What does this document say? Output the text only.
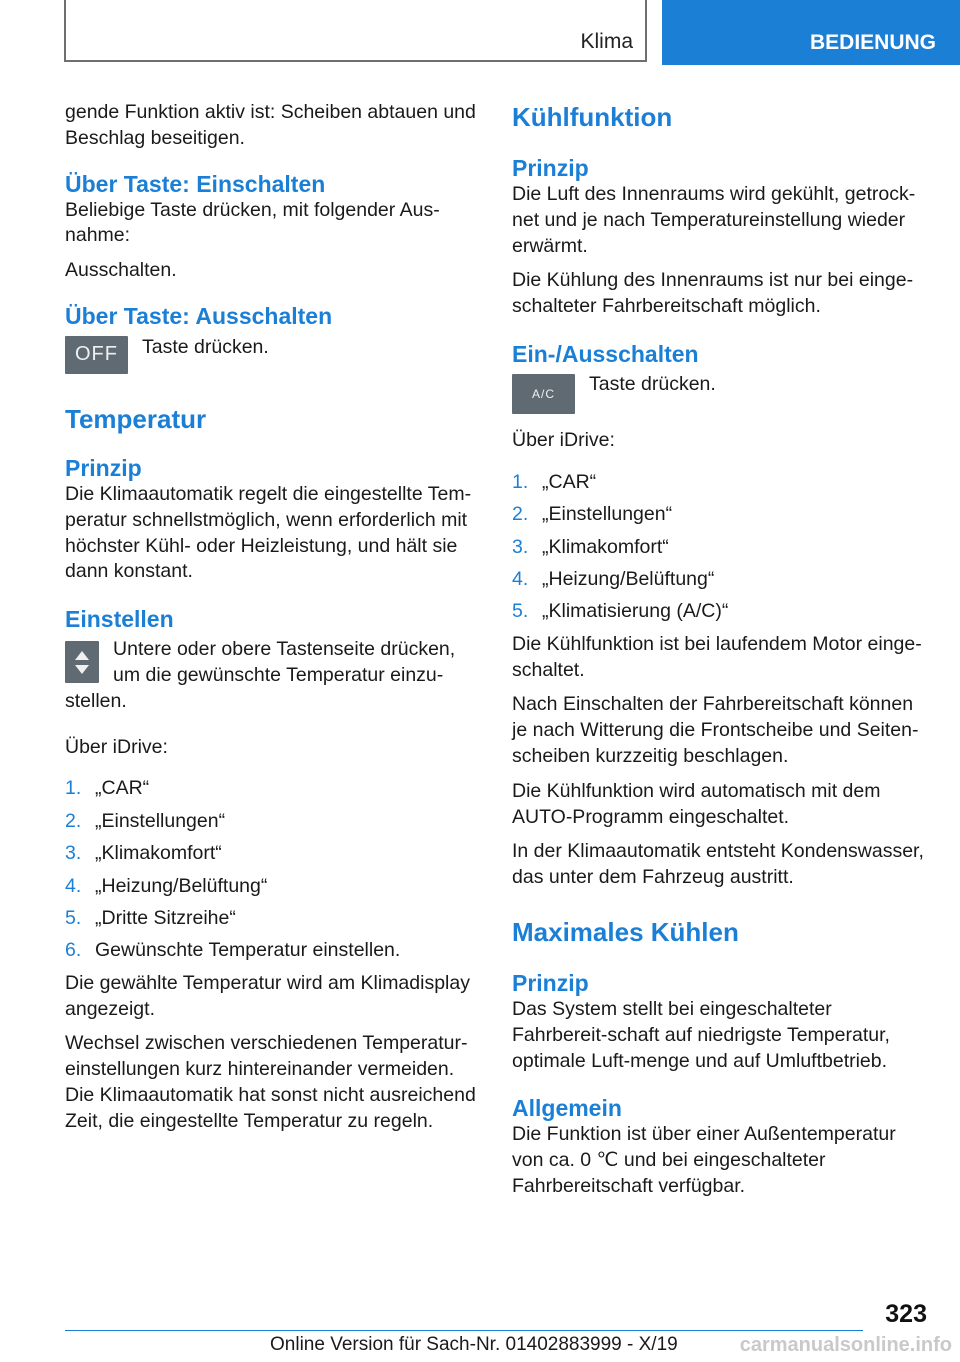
Klima	BEDIENUNG

gende Funktion aktiv ist: Scheiben abtauen und Beschlag beseitigen.

Über Taste: Einschalten

Beliebige Taste drücken, mit folgender Aus-nahme:

Ausschalten.

Über Taste: Ausschalten
OFF Taste drücken.

Temperatur
Prinzip

Die Klimaautomatik regelt die eingestellte Tem-peratur schnellstmöglich, wenn erforderlich mit höchster Kühl- oder Heizleistung, und hält sie dann konstant.

Einstellen

Untere oder obere Tastenseite drücken, um die gewünschte Temperatur einzu-

stellen.

Über iDrive:

1. „CAR“
2. „Einstellungen“
3. „Klimakomfort“
4. „Heizung/Belüftung“
5. „Dritte Sitzreihe“
6. Gewünschte Temperatur einstellen.

Die gewählte Temperatur wird am Klimadisplay angezeigt.

Wechsel zwischen verschiedenen Temperatur-einstellungen kurz hintereinander vermeiden. Die Klimaautomatik hat sonst nicht ausreichend Zeit, die eingestellte Temperatur zu regeln.

Kühlfunktion
Prinzip

Die Luft des Innenraums wird gekühlt, getrock-net und je nach Temperatureinstellung wieder erwärmt.

Die Kühlung des Innenraums ist nur bei einge-schalteter Fahrbereitschaft möglich.

Ein-/Ausschalten
A/C Taste drücken.

Über iDrive:

1. „CAR“
2. „Einstellungen“
3. „Klimakomfort“
4. „Heizung/Belüftung“
5. „Klimatisierung (A/C)“

Die Kühlfunktion ist bei laufendem Motor einge-schaltet.

Nach Einschalten der Fahrbereitschaft können je nach Witterung die Frontscheibe und Seiten-scheiben kurzzeitig beschlagen.

Die Kühlfunktion wird automatisch mit dem AUTO-Programm eingeschaltet.

In der Klimaautomatik entsteht Kondenswasser, das unter dem Fahrzeug austritt.

Maximales Kühlen
Prinzip

Das System stellt bei eingeschalteter Fahrbereit-schaft auf niedrigste Temperatur, optimale Luft-menge und auf Umluftbetrieb.

Allgemein

Die Funktion ist über einer Außentemperatur von ca. 0 ℃ und bei eingeschalteter Fahrbereitschaft verfügbar.

323
Online Version für Sach-Nr. 01402883999 - X/19	carmanualsonline.info
